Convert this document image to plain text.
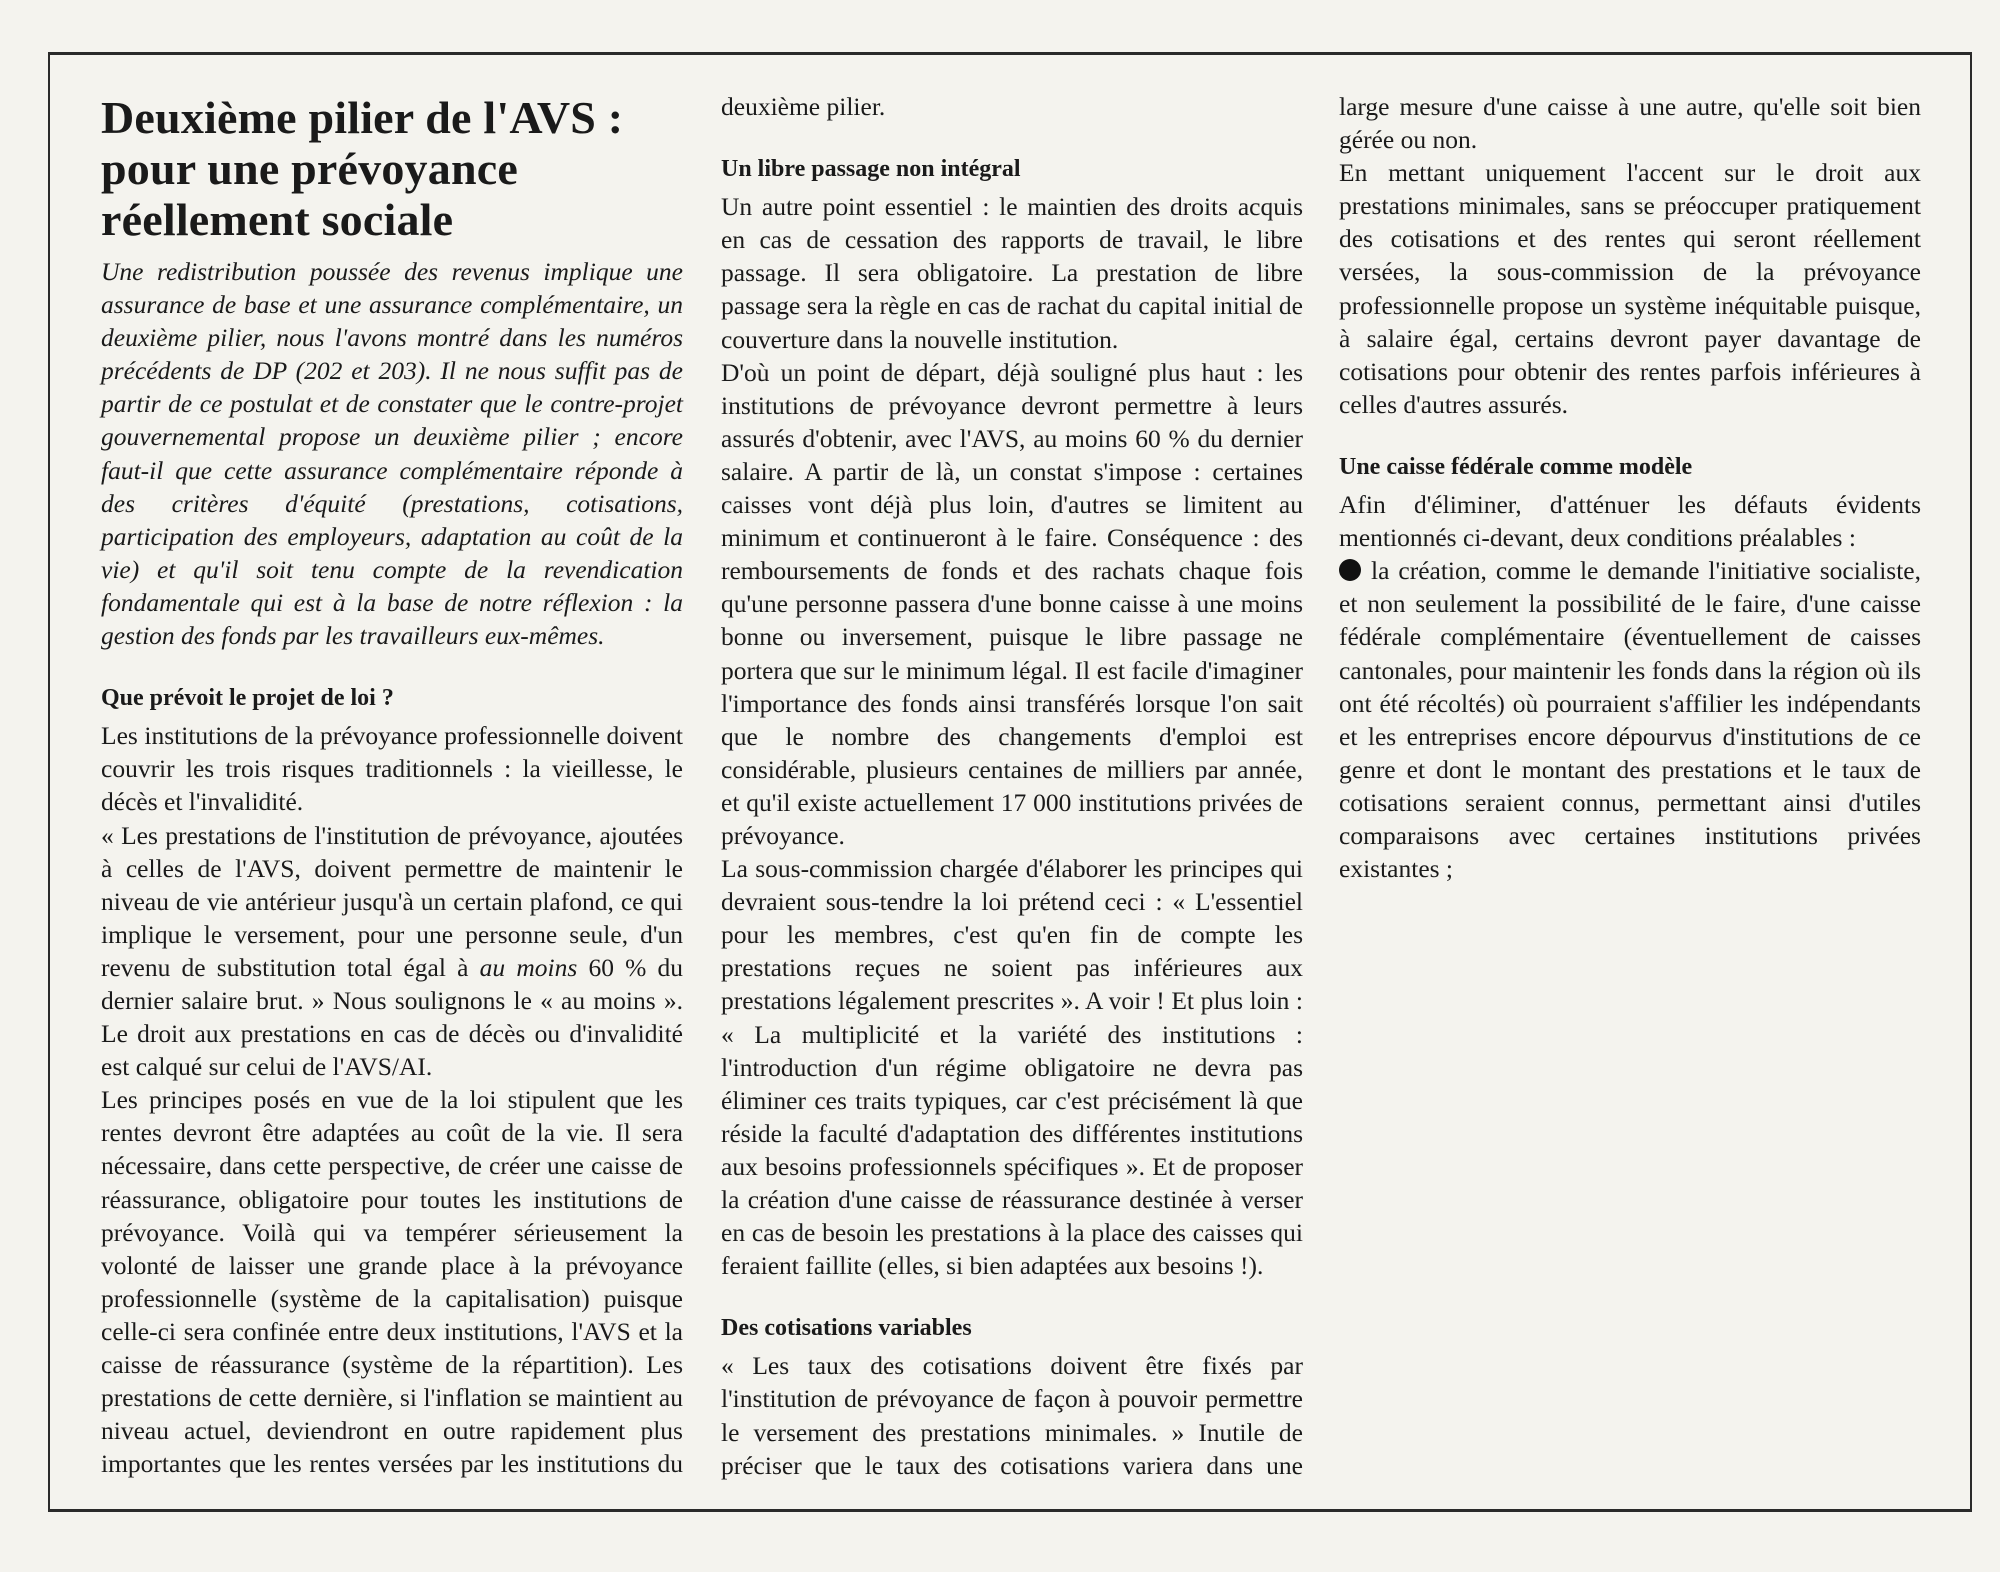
Deuxième pilier de l'AVS : pour une prévoyance réellement sociale

Une redistribution poussée des revenus implique une assurance de base et une assurance complémentaire, un deuxième pilier, nous l'avons montré dans les numéros précédents de DP (202 et 203). Il ne nous suffit pas de partir de ce postulat et de constater que le contre-projet gouvernemental propose un deuxième pilier ; encore faut-il que cette assurance complémentaire réponde à des critères d'équité (prestations, cotisations, participation des employeurs, adaptation au coût de la vie) et qu'il soit tenu compte de la revendication fondamentale qui est à la base de notre réflexion : la gestion des fonds par les travailleurs eux-mêmes.

Que prévoit le projet de loi ?

Les institutions de la prévoyance professionnelle doivent couvrir les trois risques traditionnels : la vieillesse, le décès et l'invalidité.

« Les prestations de l'institution de prévoyance, ajoutées à celles de l'AVS, doivent permettre de maintenir le niveau de vie antérieur jusqu'à un certain plafond, ce qui implique le versement, pour une personne seule, d'un revenu de substitution total égal à au moins 60 % du dernier salaire brut. » Nous soulignons le « au moins ». Le droit aux prestations en cas de décès ou d'invalidité est calqué sur celui de l'AVS/AI.

Les principes posés en vue de la loi stipulent que les rentes devront être adaptées au coût de la vie. Il sera nécessaire, dans cette perspective, de créer une caisse de réassurance, obligatoire pour toutes les institutions de prévoyance. Voilà qui va tempérer sérieusement la volonté de laisser une grande place à la prévoyance professionnelle (système de la capitalisation) puisque celle-ci sera confinée entre deux institutions, l'AVS et la caisse de réassurance (système de la répartition). Les prestations de cette dernière, si l'inflation se maintient au niveau actuel, deviendront en outre rapidement plus importantes que les rentes versées par les institutions du

deuxième pilier.

Un libre passage non intégral

Un autre point essentiel : le maintien des droits acquis en cas de cessation des rapports de travail, le libre passage. Il sera obligatoire. La prestation de libre passage sera la règle en cas de rachat du capital initial de couverture dans la nouvelle institution.

D'où un point de départ, déjà souligné plus haut : les institutions de prévoyance devront permettre à leurs assurés d'obtenir, avec l'AVS, au moins 60 % du dernier salaire. A partir de là, un constat s'impose : certaines caisses vont déjà plus loin, d'autres se limitent au minimum et continueront à le faire. Conséquence : des remboursements de fonds et des rachats chaque fois qu'une personne passera d'une bonne caisse à une moins bonne ou inversement, puisque le libre passage ne portera que sur le minimum légal. Il est facile d'imaginer l'importance des fonds ainsi transférés lorsque l'on sait que le nombre des changements d'emploi est considérable, plusieurs centaines de milliers par année, et qu'il existe actuellement 17 000 institutions privées de prévoyance.

La sous-commission chargée d'élaborer les principes qui devraient sous-tendre la loi prétend ceci : « L'essentiel pour les membres, c'est qu'en fin de compte les prestations reçues ne soient pas inférieures aux prestations légalement prescrites ». A voir ! Et plus loin : « La multiplicité et la variété des institutions : l'introduction d'un régime obligatoire ne devra pas éliminer ces traits typiques, car c'est précisément là que réside la faculté d'adaptation des différentes institutions aux besoins professionnels spécifiques ». Et de proposer la création d'une caisse de réassurance destinée à verser en cas de besoin les prestations à la place des caisses qui feraient faillite (elles, si bien adaptées aux besoins !).

Des cotisations variables

« Les taux des cotisations doivent être fixés par l'institution de prévoyance de façon à pouvoir permettre le versement des prestations minimales. » Inutile de préciser que le taux des cotisations variera dans une

large mesure d'une caisse à une autre, qu'elle soit bien gérée ou non.

En mettant uniquement l'accent sur le droit aux prestations minimales, sans se préoccuper pratiquement des cotisations et des rentes qui seront réellement versées, la sous-commission de la prévoyance professionnelle propose un système inéquitable puisque, à salaire égal, certains devront payer davantage de cotisations pour obtenir des rentes parfois inférieures à celles d'autres assurés.

Une caisse fédérale comme modèle

Afin d'éliminer, d'atténuer les défauts évidents mentionnés ci-devant, deux conditions préalables :

la création, comme le demande l'initiative socialiste, et non seulement la possibilité de le faire, d'une caisse fédérale complémentaire (éventuellement de caisses cantonales, pour maintenir les fonds dans la région où ils ont été récoltés) où pourraient s'affilier les indépendants et les entreprises encore dépourvus d'institutions de ce genre et dont le montant des prestations et le taux de cotisations seraient connus, permettant ainsi d'utiles comparaisons avec certaines institutions privées existantes ;
